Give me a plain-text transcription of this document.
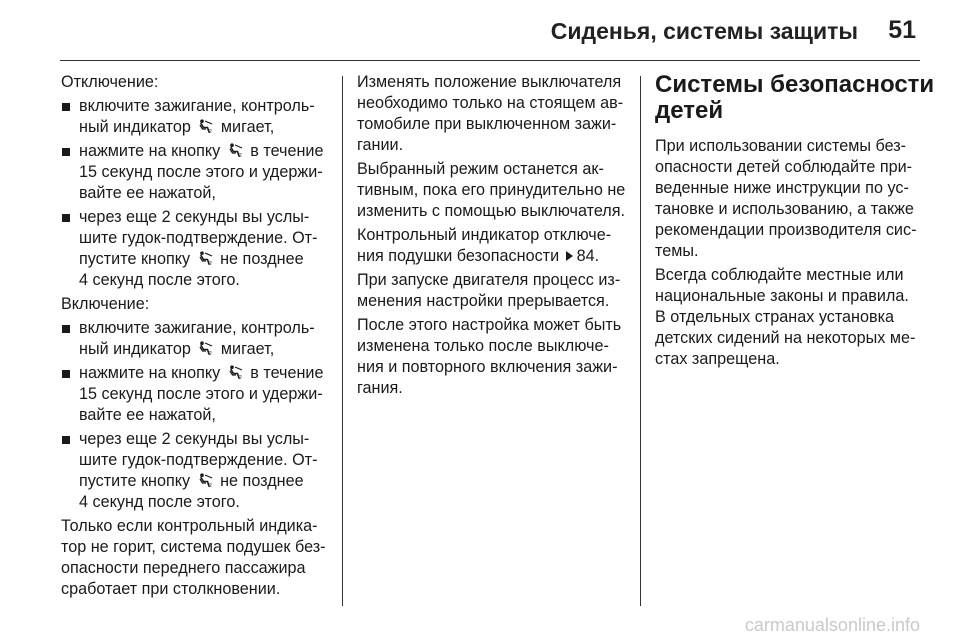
Сиденья, системы защиты 51

Отключение:

включите зажигание, контроль-
ный индикатор мигает,
нажмите на кнопку в течение
15 секунд после этого и удержи-
вайте ее нажатой,
через еще 2 секунды вы услы-
шите гудок-подтверждение. От-
пустите кнопку не позднее
4 секунд после этого.

Включение:

включите зажигание, контроль-
ный индикатор мигает,
нажмите на кнопку в течение
15 секунд после этого и удержи-
вайте ее нажатой,
через еще 2 секунды вы услы-
шите гудок-подтверждение. От-
пустите кнопку не позднее
4 секунд после этого.

Только если контрольный индика-
тор не горит, система подушек без-
опасности переднего пассажира
сработает при столкновении.

Изменять положение выключателя
необходимо только на стоящем ав-
томобиле при выключенном зажи-
гании.

Выбранный режим останется ак-
тивным, пока его принудительно не
изменить с помощью выключателя.

Контрольный индикатор отключе-
ния подушки безопасности 84.

При запуске двигателя процесс из-
менения настройки прерывается.

После этого настройка может быть
изменена только после выключе-
ния и повторного включения зажи-
гания.

Системы безопасности
детей

При использовании системы без-
опасности детей соблюдайте при-
веденные ниже инструкции по ус-
тановке и использованию, а также
рекомендации производителя сис-
темы.

Всегда соблюдайте местные или
национальные законы и правила.
В отдельных странах установка
детских сидений на некоторых ме-
стах запрещена.

carmanualsonline.info
